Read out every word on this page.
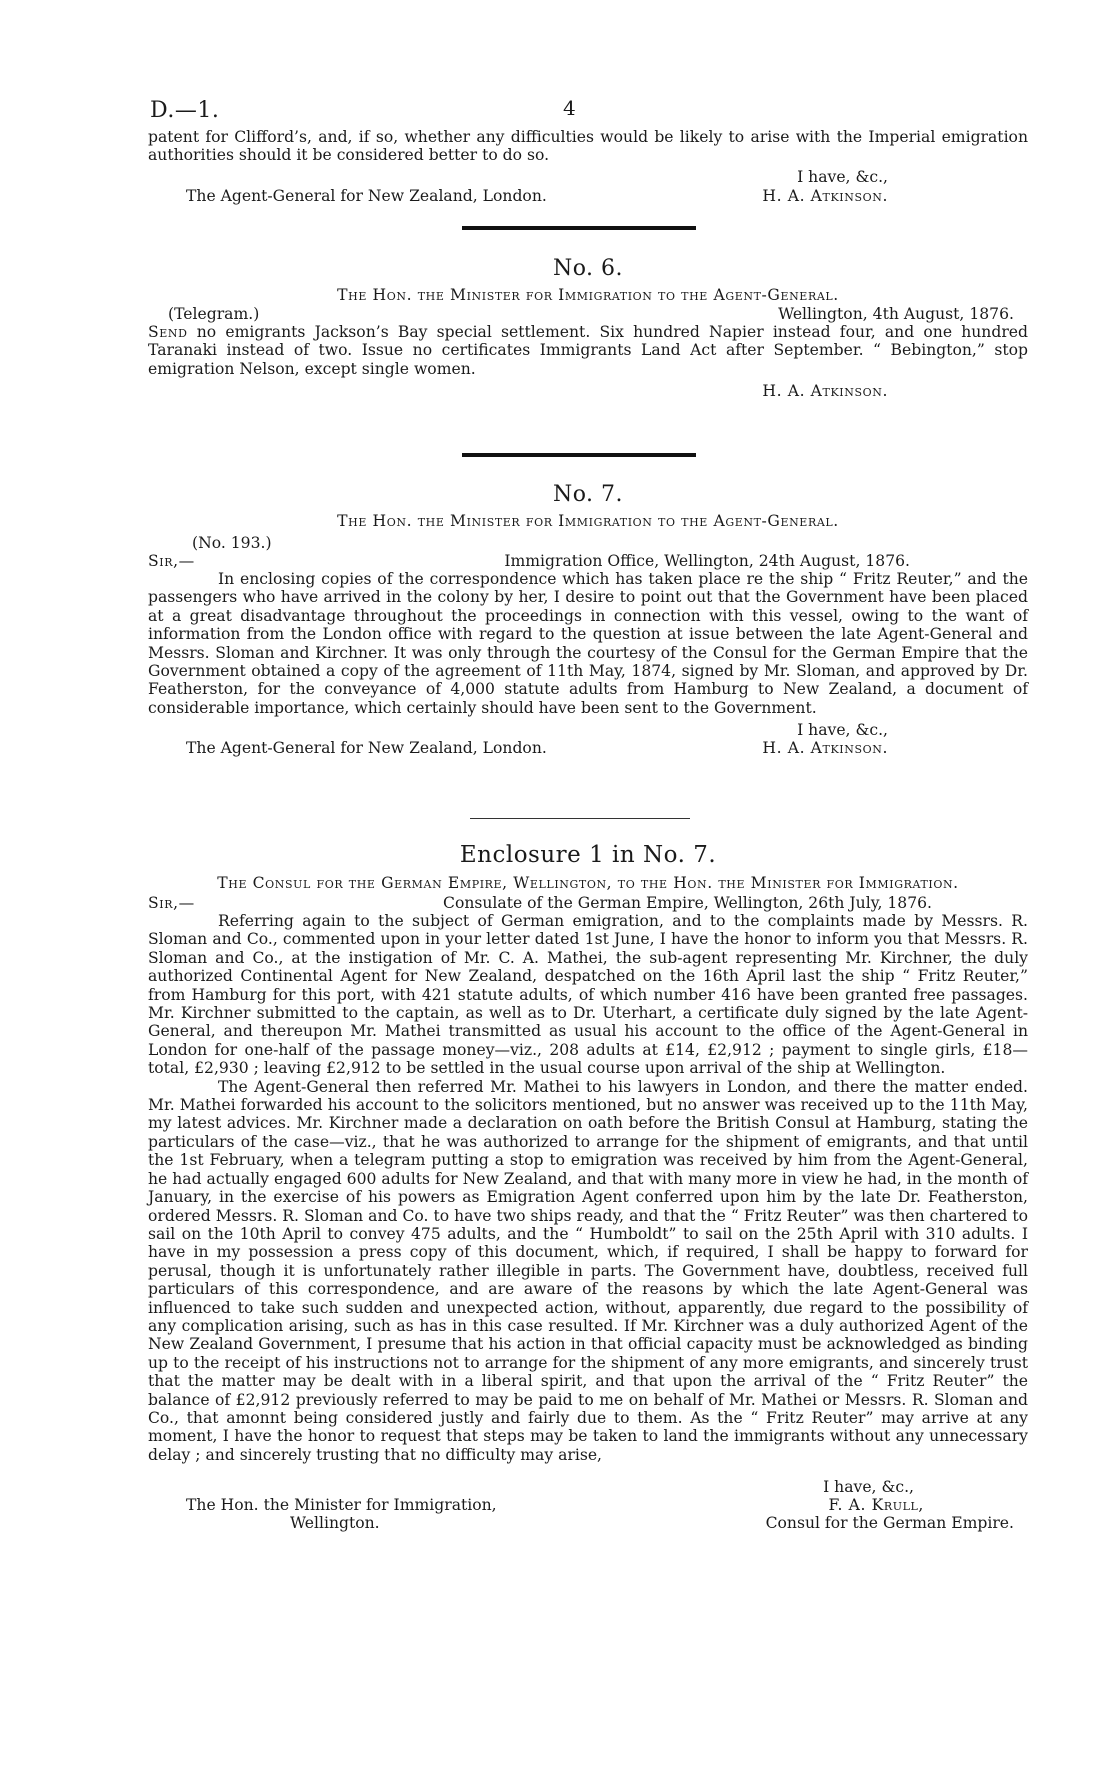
D.—1.	4

patent for Clifford’s, and, if so, whether any difficulties would be likely to arise with the Imperial emigration authorities should it be considered better to do so.

I have, &c.,

The Agent-General for New Zealand, London.	H. A. Atkinson.

No. 6.

The Hon. the Minister for Immigration to the Agent-General.

(Telegram.)	Wellington, 4th August, 1876.

Send no emigrants Jackson’s Bay special settlement. Six hundred Napier instead four, and one hundred Taranaki instead of two. Issue no certificates Immigrants Land Act after September. “ Bebington,” stop emigration Nelson, except single women.

H. A. Atkinson.

No. 7.

The Hon. the Minister for Immigration to the Agent-General.

(No. 193.)

Sir,—	Immigration Office, Wellington, 24th August, 1876.

In enclosing copies of the correspondence which has taken place re the ship “ Fritz Reuter,” and the passengers who have arrived in the colony by her, I desire to point out that the Government have been placed at a great disadvantage throughout the proceedings in connection with this vessel, owing to the want of information from the London office with regard to the question at issue between the late Agent-General and Messrs. Sloman and Kirchner. It was only through the courtesy of the Consul for the German Empire that the Government obtained a copy of the agreement of 11th May, 1874, signed by Mr. Sloman, and approved by Dr. Featherston, for the conveyance of 4,000 statute adults from Hamburg to New Zealand, a document of considerable importance, which certainly should have been sent to the Government.

I have, &c.,

The Agent-General for New Zealand, London.	H. A. Atkinson.

Enclosure 1 in No. 7.

The Consul for the German Empire, Wellington, to the Hon. the Minister for Immigration.

Sir,—	Consulate of the German Empire, Wellington, 26th July, 1876.

Referring again to the subject of German emigration, and to the complaints made by Messrs. R. Sloman and Co., commented upon in your letter dated 1st June, I have the honor to inform you that Messrs. R. Sloman and Co., at the instigation of Mr. C. A. Mathei, the sub-agent representing Mr. Kirchner, the duly authorized Continental Agent for New Zealand, despatched on the 16th April last the ship “ Fritz Reuter,” from Hamburg for this port, with 421 statute adults, of which number 416 have been granted free passages. Mr. Kirchner submitted to the captain, as well as to Dr. Uterhart, a certificate duly signed by the late Agent-General, and thereupon Mr. Mathei transmitted as usual his account to the office of the Agent-General in London for one-half of the passage money—viz., 208 adults at £14, £2,912 ; payment to single girls, £18—total, £2,930 ; leaving £2,912 to be settled in the usual course upon arrival of the ship at Wellington.

The Agent-General then referred Mr. Mathei to his lawyers in London, and there the matter ended. Mr. Mathei forwarded his account to the solicitors mentioned, but no answer was received up to the 11th May, my latest advices. Mr. Kirchner made a declaration on oath before the British Consul at Hamburg, stating the particulars of the case—viz., that he was authorized to arrange for the shipment of emigrants, and that until the 1st February, when a telegram putting a stop to emigration was received by him from the Agent-General, he had actually engaged 600 adults for New Zealand, and that with many more in view he had, in the month of January, in the exercise of his powers as Emigration Agent conferred upon him by the late Dr. Featherston, ordered Messrs. R. Sloman and Co. to have two ships ready, and that the “ Fritz Reuter” was then chartered to sail on the 10th April to convey 475 adults, and the “ Humboldt” to sail on the 25th April with 310 adults. I have in my possession a press copy of this document, which, if required, I shall be happy to forward for perusal, though it is unfortunately rather illegible in parts. The Government have, doubtless, received full particulars of this correspondence, and are aware of the reasons by which the late Agent-General was influenced to take such sudden and unexpected action, without, apparently, due regard to the possibility of any complication arising, such as has in this case resulted. If Mr. Kirchner was a duly authorized Agent of the New Zealand Government, I presume that his action in that official capacity must be acknowledged as binding up to the receipt of his instructions not to arrange for the shipment of any more emigrants, and sincerely trust that the matter may be dealt with in a liberal spirit, and that upon the arrival of the “ Fritz Reuter” the balance of £2,912 previously referred to may be paid to me on behalf of Mr. Mathei or Messrs. R. Sloman and Co., that amonnt being considered justly and fairly due to them. As the “ Fritz Reuter” may arrive at any moment, I have the honor to request that steps may be taken to land the immigrants without any unnecessary delay ; and sincerely trusting that no difficulty may arise,

I have, &c.,

The Hon. the Minister for Immigration,	F. A. Krull,
Wellington.	Consul for the German Empire.
